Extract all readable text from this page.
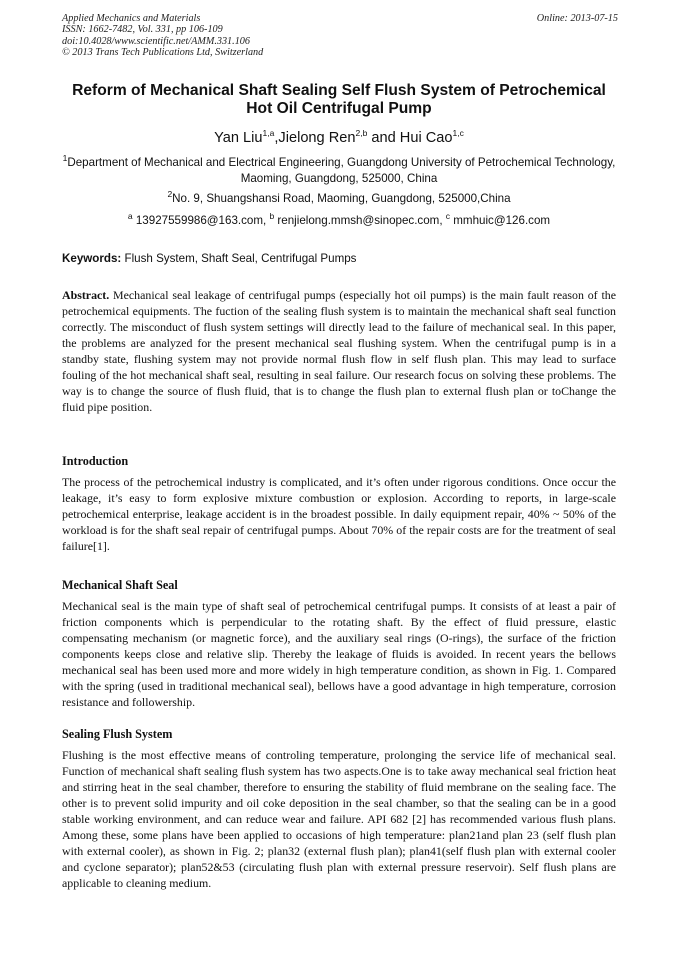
Applied Mechanics and Materials
ISSN: 1662-7482, Vol. 331, pp 106-109
doi:10.4028/www.scientific.net/AMM.331.106
© 2013 Trans Tech Publications Ltd, Switzerland
Online: 2013-07-15
Reform of Mechanical Shaft Sealing Self Flush System of Petrochemical
Hot Oil Centrifugal Pump
Yan Liu$^{1,a}$,Jielong Ren$^{2,b}$ and Hui Cao$^{1,c}$
$^1$Department of Mechanical and Electrical Engineering, Guangdong University of Petrochemical Technology, Maoming, Guangdong, 525000, China
$^2$No. 9, Shuangshansi Road, Maoming, Guangdong, 525000,China
$^a$ 13927559986@163.com, $^b$ renjielong.mmsh@sinopec.com, $^c$ mmhuic@126.com
Keywords: Flush System, Shaft Seal, Centrifugal Pumps
Abstract. Mechanical seal leakage of centrifugal pumps (especially hot oil pumps) is the main fault reason of the petrochemical equipments. The fuction of the sealing flush system is to maintain the mechanical shaft seal function correctly. The misconduct of flush system settings will directly lead to the failure of mechanical seal. In this paper, the problems are analyzed for the present mechanical seal flushing system. When the centrifugal pump is in a standby state, flushing system may not provide normal flush flow in self flush plan. This may lead to surface fouling of the hot mechanical shaft seal, resulting in seal failure. Our research focus on solving these problems. The way is to change the source of flush fluid, that is to change the flush plan to external flush plan or toChange the fluid pipe position.
Introduction
The process of the petrochemical industry is complicated, and it’s often under rigorous conditions. Once occur the leakage, it’s easy to form explosive mixture combustion or explosion. According to reports, in large-scale petrochemical enterprise, leakage accident is in the broadest possible. In daily equipment repair, 40% ~ 50% of the workload is for the shaft seal repair of centrifugal pumps. About 70% of the repair costs are for the treatment of seal failure[1].
Mechanical Shaft Seal
Mechanical seal is the main type of shaft seal of petrochemical centrifugal pumps. It consists of at least a pair of friction components which is perpendicular to the rotating shaft. By the effect of fluid pressure, elastic compensating mechanism (or magnetic force), and the auxiliary seal rings (O-rings), the surface of the friction components keeps close and relative slip. Thereby the leakage of fluids is avoided. In recent years the bellows mechanical seal has been used more and more widely in high temperature condition, as shown in Fig. 1. Compared with the spring (used in traditional mechanical seal), bellows have a good advantage in high temperature, corrosion resistance and followership.
Sealing Flush System
Flushing is the most effective means of controling temperature, prolonging the service life of mechanical seal. Function of mechanical shaft sealing flush system has two aspects.One is to take away mechanical seal friction heat and stirring heat in the seal chamber, therefore to ensuring the stability of fluid membrane on the sealing face. The other is to prevent solid impurity and oil coke deposition in the seal chamber, so that the sealing can be in a good stable working environment, and can reduce wear and failure. API 682 [2] has recommended various flush plans. Among these, some plans have been applied to occasions of high temperature: plan21and plan 23 (self flush plan with external cooler), as shown in Fig. 2; plan32 (external flush plan); plan41(self flush plan with external cooler and cyclone separator); plan52&53 (circulating flush plan with external pressure reservoir). Self flush plans are applicable to cleaning medium.
